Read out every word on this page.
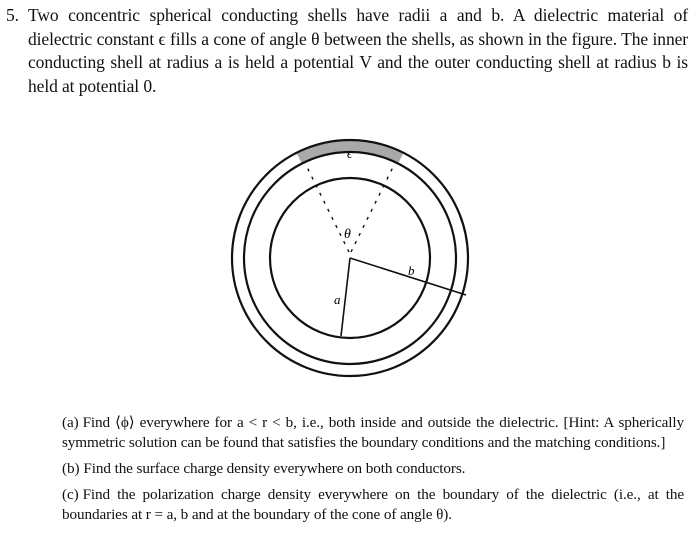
5. Two concentric spherical conducting shells have radii a and b. A dielectric material of dielectric constant ϵ fills a cone of angle θ between the shells, as shown in the figure. The inner conducting shell at radius a is held a potential V and the outer conducting shell at radius b is held at potential 0.
ϵ
θ
b
a
(a) Find ⟨ϕ⟩ everywhere for a < r < b, i.e., both inside and outside the dielectric. [Hint: A spherically symmetric solution can be found that satisfies the boundary conditions and the matching conditions.]
(b) Find the surface charge density everywhere on both conductors.
(c) Find the polarization charge density everywhere on the boundary of the dielectric (i.e., at the boundaries at r = a, b and at the boundary of the cone of angle θ).
